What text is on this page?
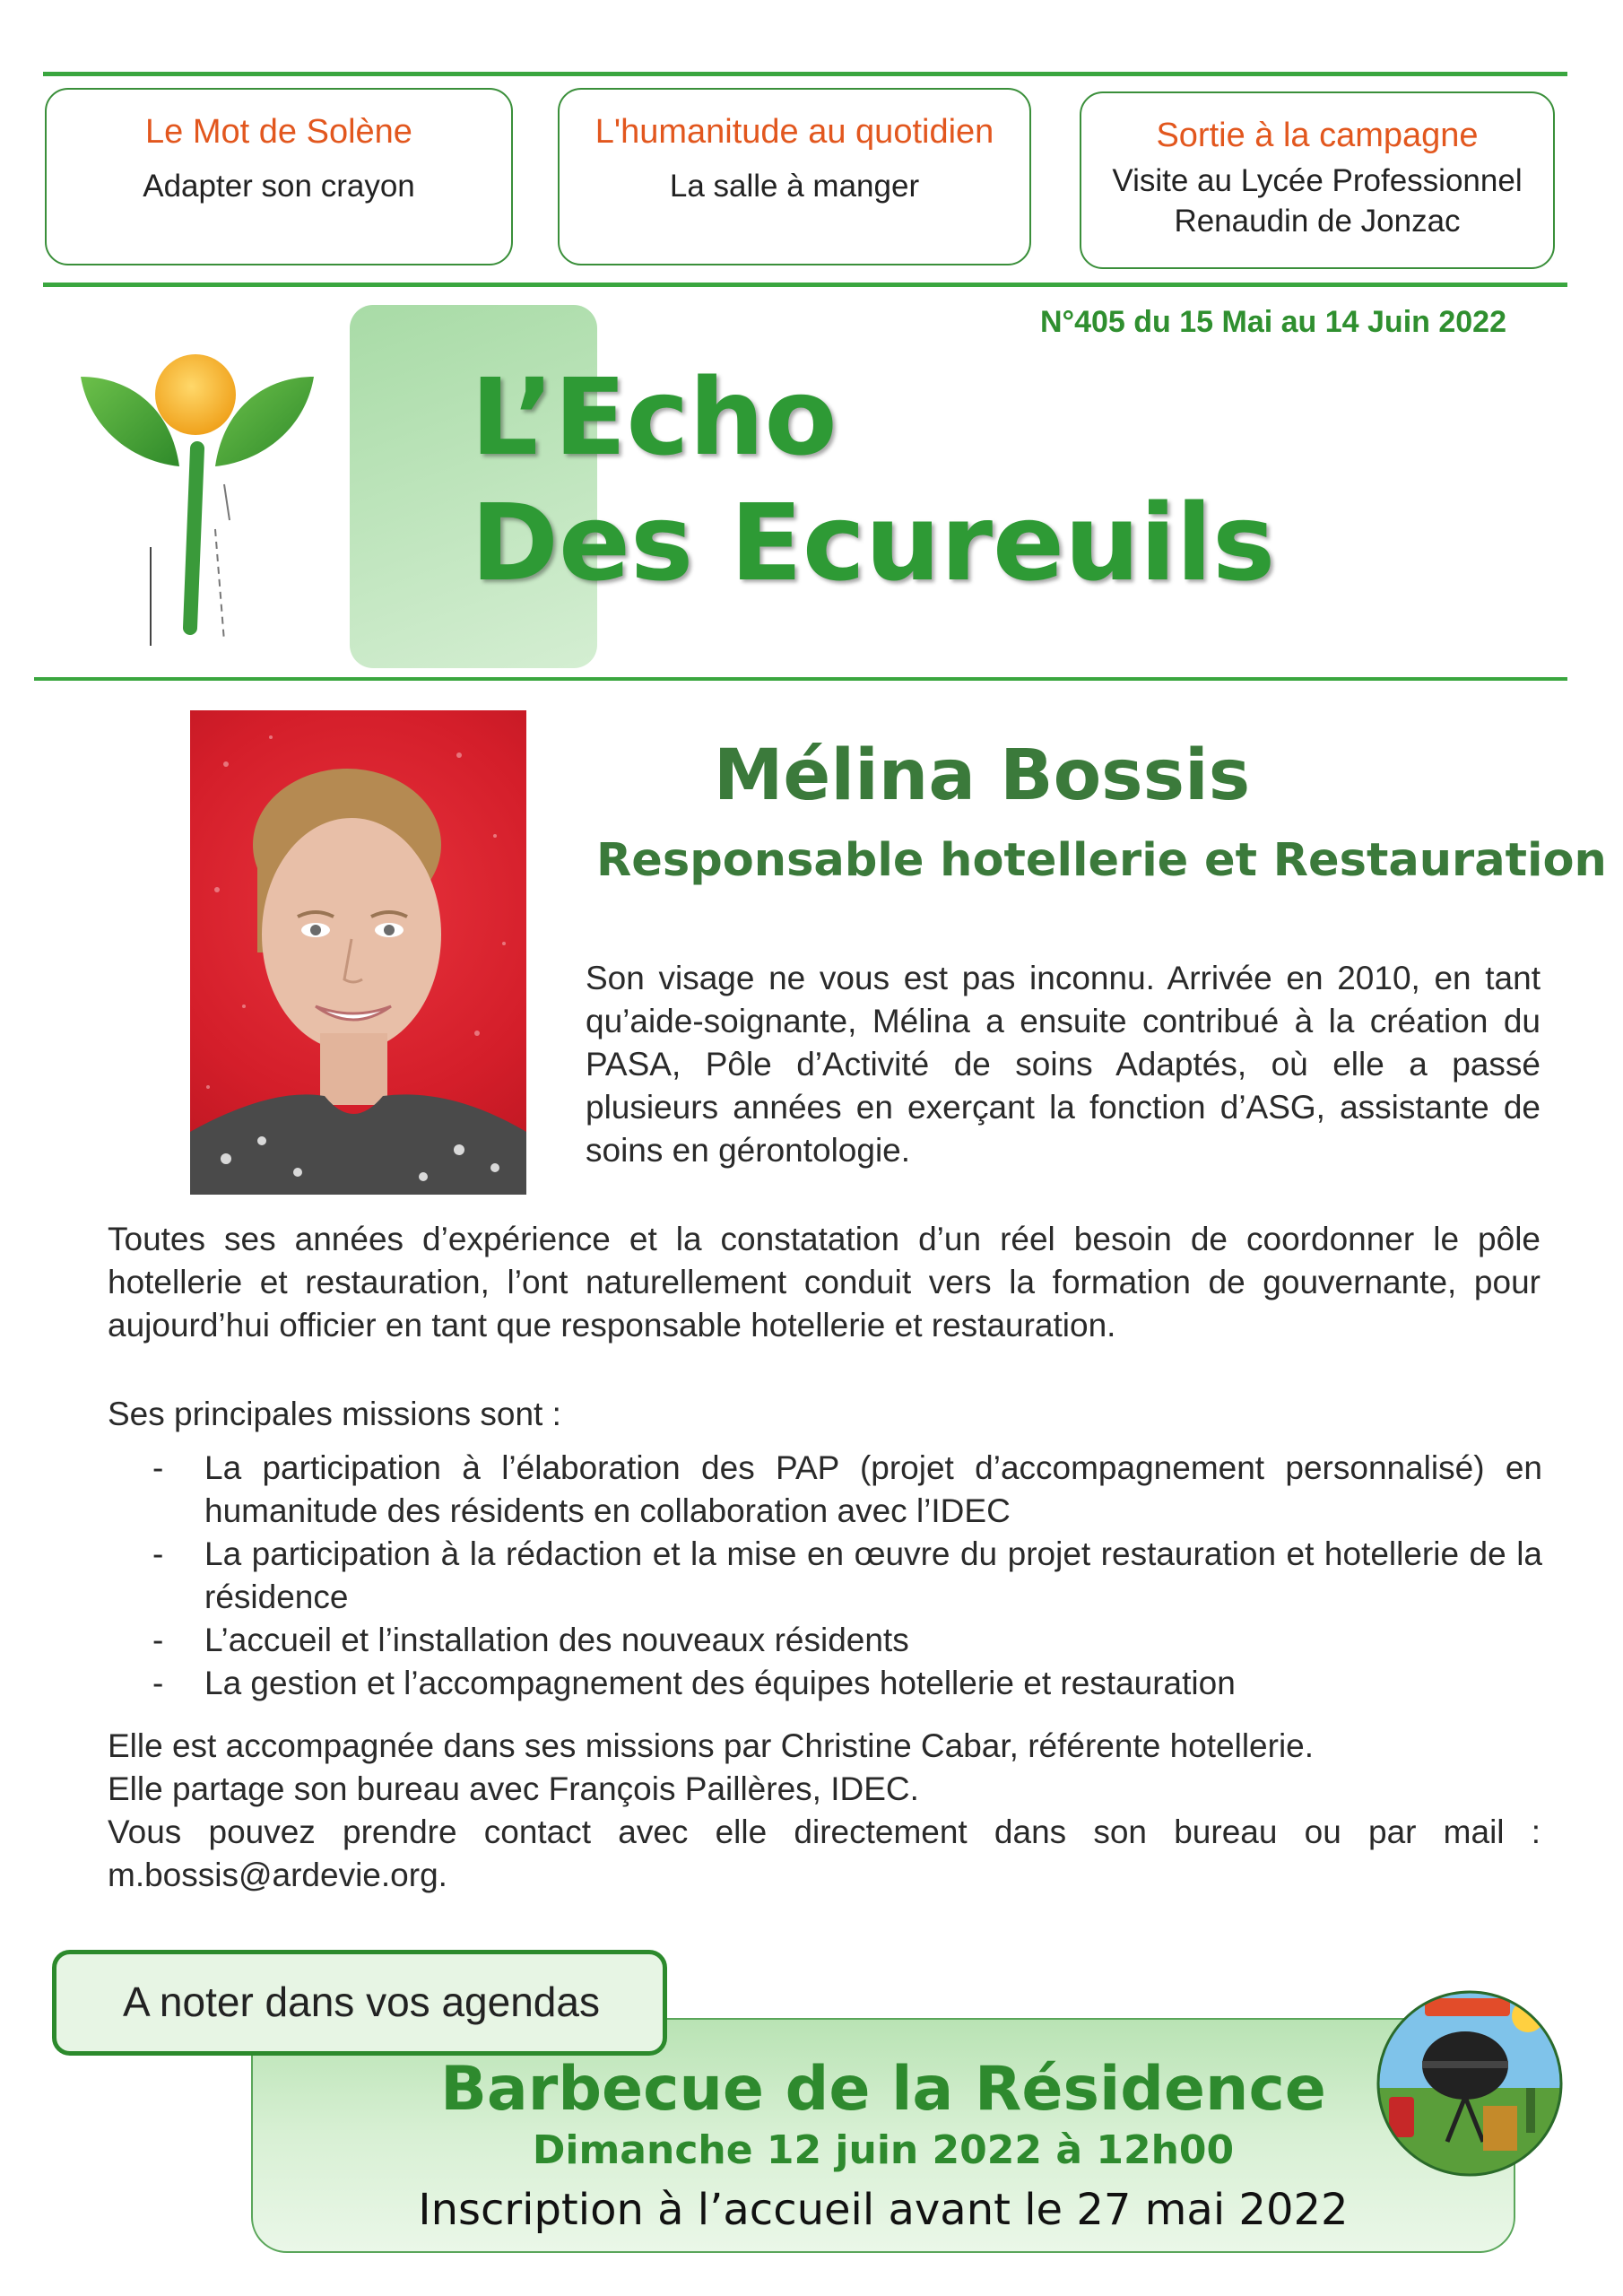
Le Mot de Solène
Adapter son crayon
L'humanitude au quotidien
La salle à manger
Sortie à la campagne
Visite au Lycée Professionnel
Renaudin de Jonzac
N°405 du 15 Mai au 14 Juin 2022
L’Echo
Des Ecureuils
Mélina Bossis
Responsable hotellerie et Restauration
Son visage ne vous est pas inconnu. Arrivée en 2010, en tant qu’aide-soignante, Mélina a ensuite contribué à la création du PASA, Pôle d’Activité de soins Adaptés, où elle a passé plusieurs années en exerçant la fonction d’ASG, assistante de soins en gérontologie.
Toutes ses années d’expérience et la constatation d’un réel besoin de coordonner le pôle hotellerie et restauration, l’ont naturellement conduit vers la formation de gouvernante, pour aujourd’hui officier en tant que responsable hotellerie et restauration.
Ses principales missions sont :
- La participation à l’élaboration des PAP (projet d’accompagnement personnalisé) en humanitude des résidents en collaboration avec l’IDEC
- La participation à la rédaction et la mise en œuvre du projet restauration et hotellerie de la résidence
- L’accueil et l’installation des nouveaux résidents
- La gestion et l’accompagnement des équipes hotellerie et restauration
Elle est accompagnée dans ses missions par Christine Cabar, référente hotellerie.
Elle partage son bureau avec François Paillères, IDEC.
Vous pouvez prendre contact avec elle directement dans son bureau ou par mail : m.bossis@ardevie.org.
A noter dans vos agendas
Barbecue de la Résidence
Dimanche 12 juin 2022 à 12h00
Inscription à l’accueil avant le 27 mai 2022
